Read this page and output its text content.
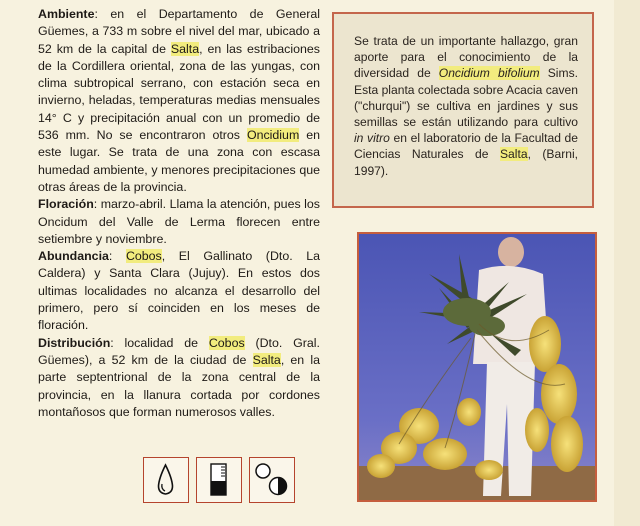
Ambiente: en el Departamento de General Güemes, a 733 m sobre el nivel del mar, ubicado a 52 km de la capital de Salta, en las estribaciones de la Cordillera oriental, zona de las yungas, con clima subtropical serrano, con estación seca en invierno, heladas, temperaturas medias mensuales 14° C y precipitación anual con un promedio de 536 mm. No se encontraron otros Oncidium en este lugar. Se trata de una zona con escasa humedad ambiente, y menores precipitaciones que otras áreas de la provincia.

Floración: marzo-abril. Llama la atención, pues los Oncidum del Valle de Lerma florecen entre setiembre y noviembre.

Abundancia: Cobos, El Gallinato (Dto. La Caldera) y Santa Clara (Jujuy). En estos dos ultimas localidades no alcanza el desarrollo del primero, pero sí coinciden en los meses de floración.

Distribución: localidad de Cobos (Dto. Gral. Güemes), a 52 km de la ciudad de Salta, en la parte septentrional de la zona central de la provincia, en la llanura cortada por cordones montañosos que forman numerosos valles.

Se trata de un importante hallazgo, gran aporte para el conocimiento de la diversidad de Oncidium bifolium Sims. Esta planta colectada sobre Acacia caven ("churqui") se cultiva en jardines y sus semillas se están utilizando para cultivo in vitro en el laboratorio de la Facultad de Ciencias Naturales de Salta, (Barni, 1997).
